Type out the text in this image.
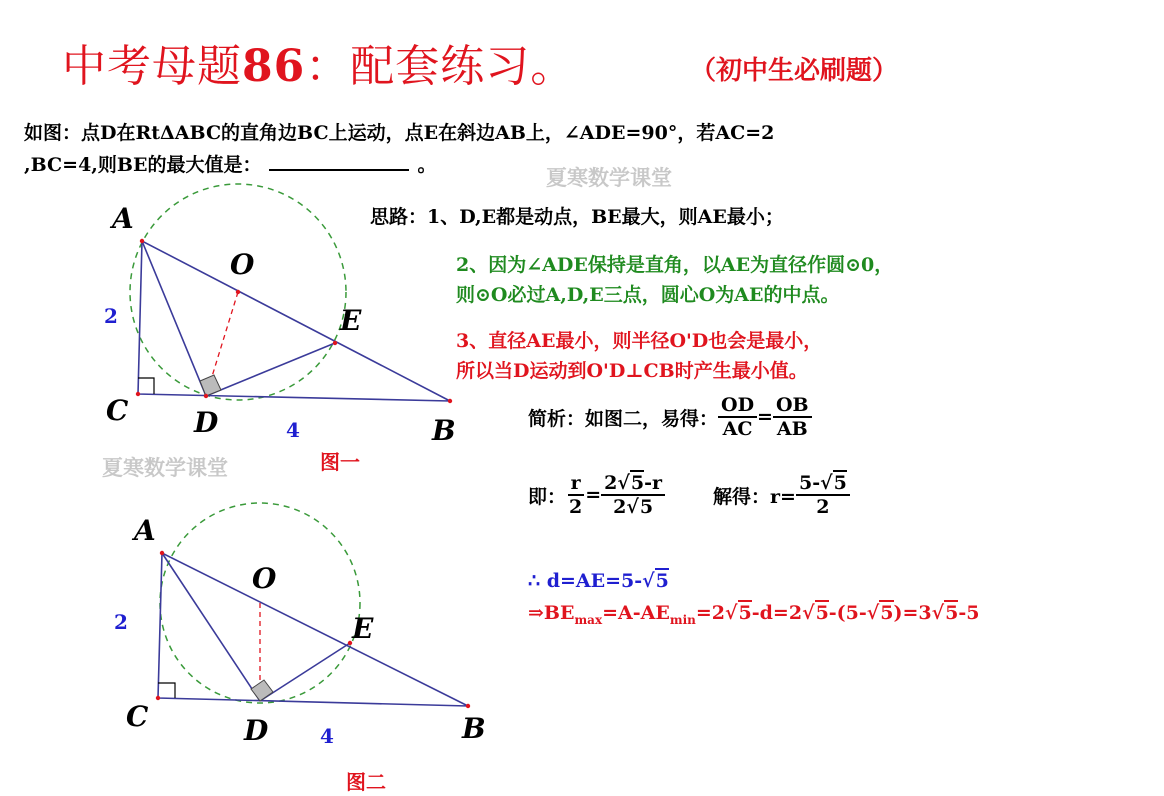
中考母题86：配套练习。	（初中生必刷题）
如图：点D在RtΔABC的直角边BC上运动，点E在斜边AB上，∠ADE=90°，若AC=2
,BC=4,则BE的最大值是：	。	夏寒数学课堂
思路：1、D,E都是动点，BE最大，则AE最小；
2、因为∠ADE保持是直角，以AE为直径作圆⊙0，
则⊙O必过A,D,E三点，圆心O为AE的中点。
3、直径AE最小，则半径O'D也会是最小，
所以当D运动到O'D⊥CB时产生最小值。
简析：如图二，易得： $\frac{OD}{AC} = \frac{OB}{AB}$
即： $\frac{r}{2} = \frac{2√5-r}{2√5}$	解得：$r= \frac{5-√5}{2}$
∴ d=AE=5-√5
$\Rightarrow BE_{max}=A-AE_{min}=2√5-d=2√5-(5-√5)=3√5-5$
A
O
E
C D	B
2
4
夏寒数学课堂	图一
A
O
E
C	D	B
2
4
图二
